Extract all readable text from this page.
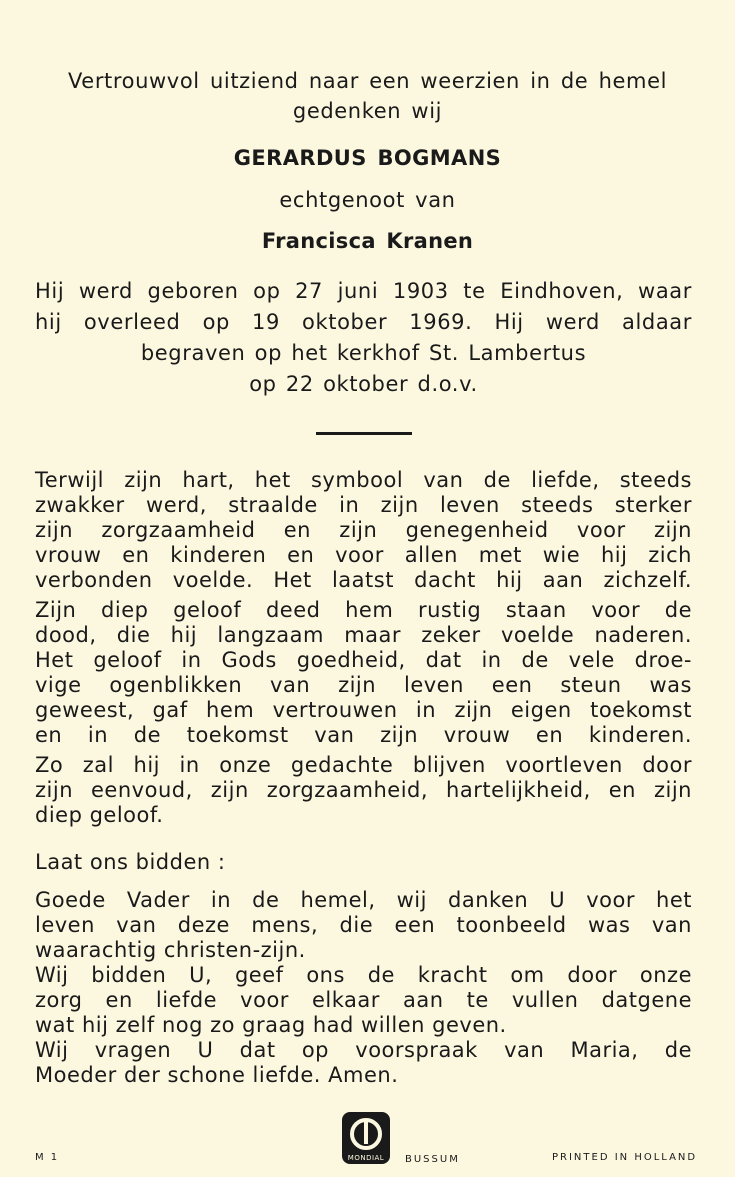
Vertrouwvol uitziend naar een weerzien in de hemel
gedenken wij
GERARDUS BOGMANS
echtgenoot van
Francisca Kranen
Hij werd geboren op 27 juni 1903 te Eindhoven, waar
hij overleed op 19 oktober 1969. Hij werd aldaar
begraven op het kerkhof St. Lambertus
op 22 oktober d.o.v.
Terwijl zijn hart, het symbool van de liefde, steeds
zwakker werd, straalde in zijn leven steeds sterker
zijn zorgzaamheid en zijn genegenheid voor zijn
vrouw en kinderen en voor allen met wie hij zich
verbonden voelde. Het laatst dacht hij aan zichzelf.
Zijn diep geloof deed hem rustig staan voor de
dood, die hij langzaam maar zeker voelde naderen.
Het geloof in Gods goedheid, dat in de vele droe-
vige ogenblikken van zijn leven een steun was
geweest, gaf hem vertrouwen in zijn eigen toekomst
en in de toekomst van zijn vrouw en kinderen.
Zo zal hij in onze gedachte blijven voortleven door
zijn eenvoud, zijn zorgzaamheid, hartelijkheid, en zijn
diep geloof.
Laat ons bidden :
Goede Vader in de hemel, wij danken U voor het
leven van deze mens, die een toonbeeld was van
waarachtig christen-zijn.
Wij bidden U, geef ons de kracht om door onze
zorg en liefde voor elkaar aan te vullen datgene
wat hij zelf nog zo graag had willen geven.
Wij vragen U dat op voorspraak van Maria, de
Moeder der schone liefde. Amen.
M 1	MONDIAL BUSSUM	PRINTED IN HOLLAND
